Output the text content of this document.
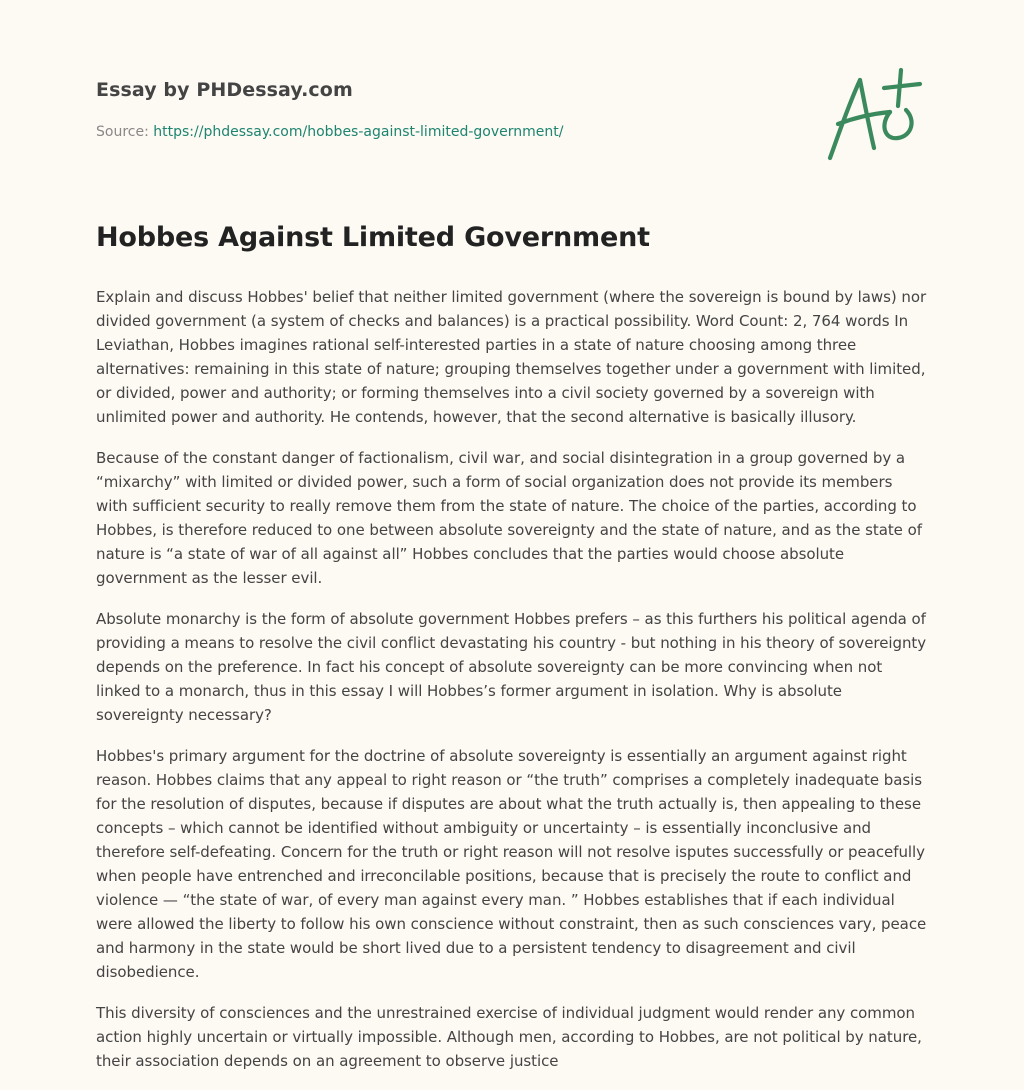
Essay by PHDessay.com
Source: https://phdessay.com/hobbes-against-limited-government/
Hobbes Against Limited Government

Explain and discuss Hobbes' belief that neither limited government (where the sovereign is bound by laws) nor divided government (a system of checks and balances) is a practical possibility. Word Count: 2, 764 words In Leviathan, Hobbes imagines rational self-interested parties in a state of nature choosing among three alternatives: remaining in this state of nature; grouping themselves together under a government with limited, or divided, power and authority; or forming themselves into a civil society governed by a sovereign with unlimited power and authority. He contends, however, that the second alternative is basically illusory.

Because of the constant danger of factionalism, civil war, and social disintegration in a group governed by a “mixarchy” with limited or divided power, such a form of social organization does not provide its members with sufficient security to really remove them from the state of nature. The choice of the parties, according to Hobbes, is therefore reduced to one between absolute sovereignty and the state of nature, and as the state of nature is “a state of war of all against all” Hobbes concludes that the parties would choose absolute government as the lesser evil.

Absolute monarchy is the form of absolute government Hobbes prefers – as this furthers his political agenda of providing a means to resolve the civil conflict devastating his country - but nothing in his theory of sovereignty depends on the preference. In fact his concept of absolute sovereignty can be more convincing when not linked to a monarch, thus in this essay I will Hobbes’s former argument in isolation. Why is absolute sovereignty necessary?

Hobbes's primary argument for the doctrine of absolute sovereignty is essentially an argument against right reason. Hobbes claims that any appeal to right reason or “the truth” comprises a completely inadequate basis for the resolution of disputes, because if disputes are about what the truth actually is, then appealing to these concepts – which cannot be identified without ambiguity or uncertainty – is essentially inconclusive and therefore self-defeating. Concern for the truth or right reason will not resolve isputes successfully or peacefully when people have entrenched and irreconcilable positions, because that is precisely the route to conflict and violence — “the state of war, of every man against every man. ” Hobbes establishes that if each individual were allowed the liberty to follow his own conscience without constraint, then as such consciences vary, peace and harmony in the state would be short lived due to a persistent tendency to disagreement and civil disobedience.

This diversity of consciences and the unrestrained exercise of individual judgment would render any common action highly uncertain or virtually impossible. Although men, according to Hobbes, are not political by nature, their association depends on an agreement to observe justice
